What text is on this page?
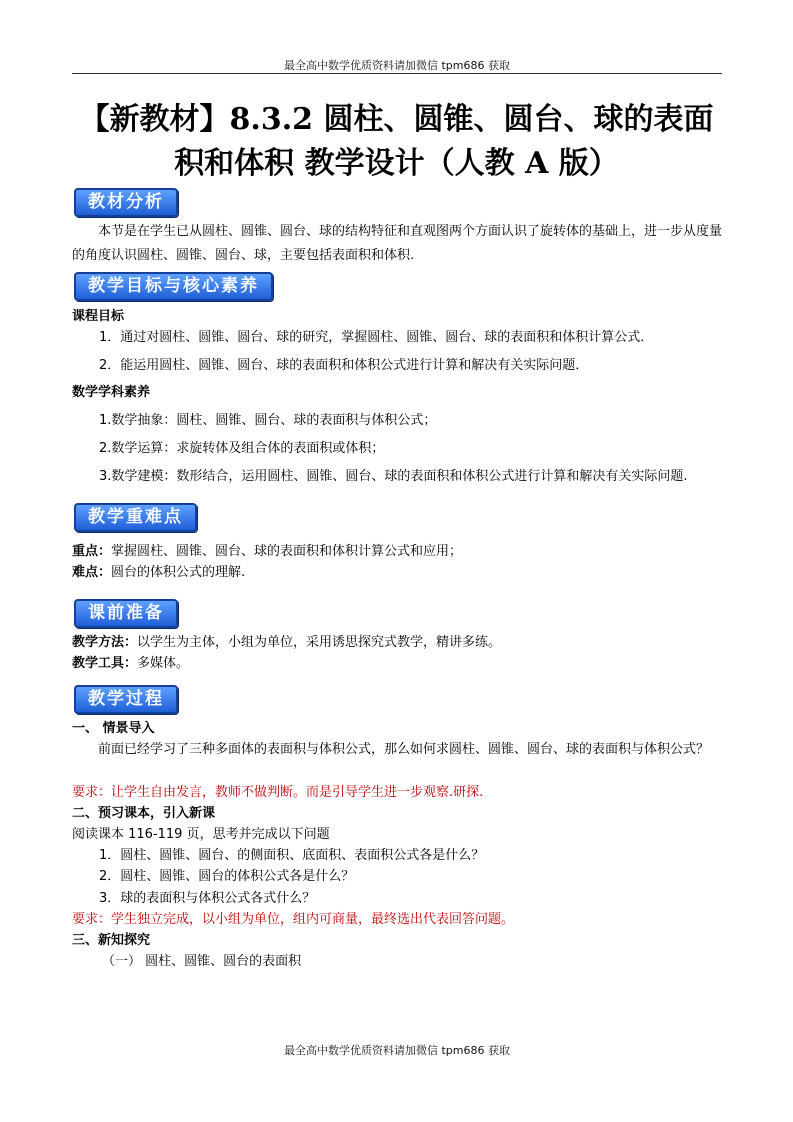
最全高中数学优质资料请加微信 tpm686 获取
【新教材】8.3.2 圆柱、圆锥、圆台、球的表面
积和体积 教学设计（人教 A 版）
教材分析
本节是在学生已从圆柱、圆锥、圆台、球的结构特征和直观图两个方面认识了旋转体的基础上，进一步从度量的角度认识圆柱、圆锥、圆台、球，主要包括表面积和体积.
教学目标与核心素养
课程目标
1．通过对圆柱、圆锥、圆台、球的研究，掌握圆柱、圆锥、圆台、球的表面积和体积计算公式．
2．能运用圆柱、圆锥、圆台、球的表面积和体积公式进行计算和解决有关实际问题．
数学学科素养
1.数学抽象：圆柱、圆锥、圆台、球的表面积与体积公式；
2.数学运算：求旋转体及组合体的表面积或体积；
3.数学建模：数形结合，运用圆柱、圆锥、圆台、球的表面积和体积公式进行计算和解决有关实际问题.
教学重难点
重点：掌握圆柱、圆锥、圆台、球的表面积和体积计算公式和应用；
难点：圆台的体积公式的理解.
课前准备
教学方法：以学生为主体，小组为单位，采用诱思探究式教学，精讲多练。
教学工具：多媒体。
教学过程
一、 情景导入
前面已经学习了三种多面体的表面积与体积公式，那么如何求圆柱、圆锥、圆台、球的表面积与体积公式？
要求：让学生自由发言，教师不做判断。而是引导学生进一步观察.研探.
二、预习课本，引入新课
阅读课本 116-119 页，思考并完成以下问题
1．圆柱、圆锥、圆台、的侧面积、底面积、表面积公式各是什么？
2．圆柱、圆锥、圆台的体积公式各是什么？
3．球的表面积与体积公式各式什么？
要求：学生独立完成，以小组为单位，组内可商量，最终选出代表回答问题。
三、新知探究
（一） 圆柱、圆锥、圆台的表面积
最全高中数学优质资料请加微信 tpm686 获取
